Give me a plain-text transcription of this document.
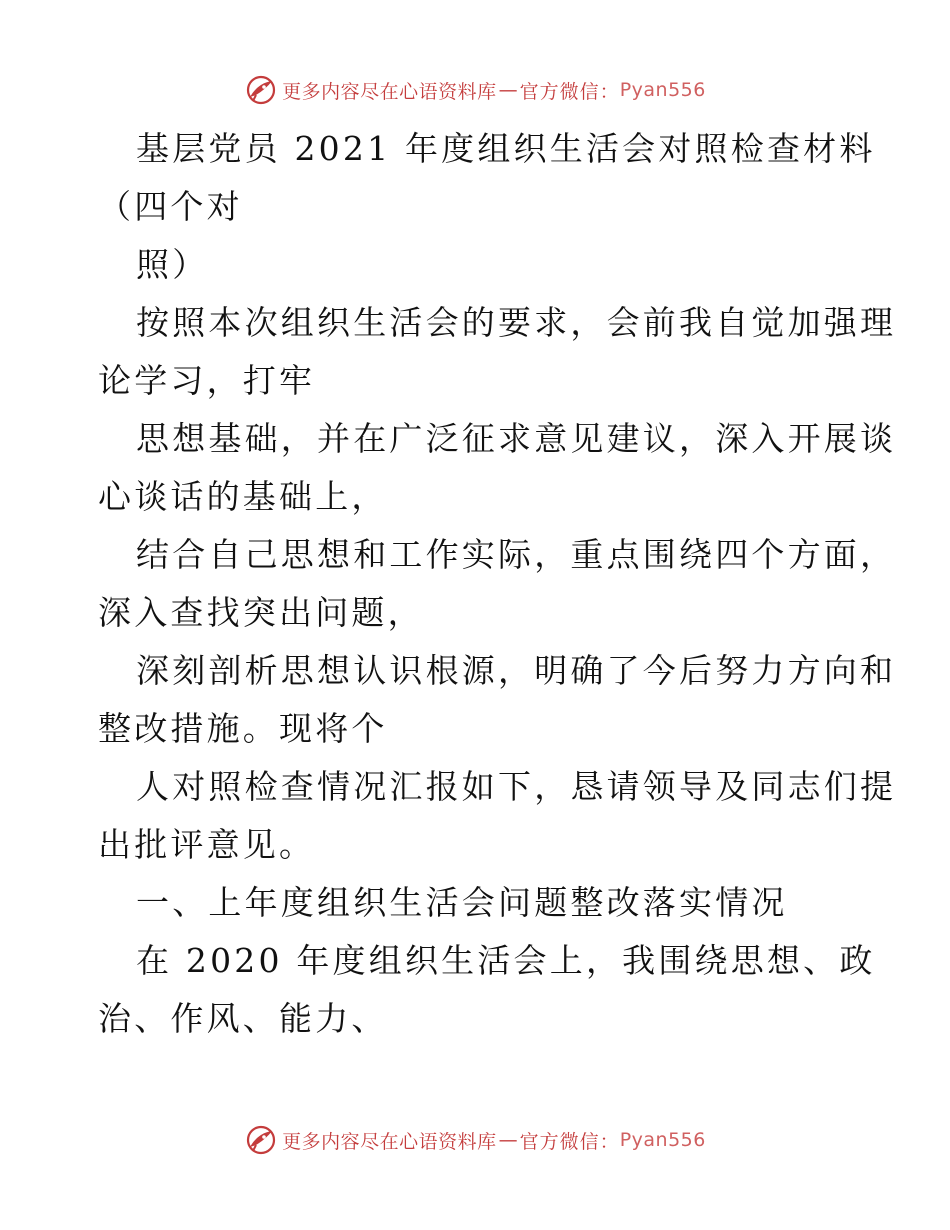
更多内容尽在心语资料库 — 官方微信： Pyan556
基层党员 2021 年度组织生活会对照检查材料
（四个对
照）
按照本次组织生活会的要求，会前我自觉加强理
论学习，打牢
思想基础，并在广泛征求意见建议，深入开展谈
心谈话的基础上，
结合自己思想和工作实际，重点围绕四个方面，
深入查找突出问题，
深刻剖析思想认识根源，明确了今后努力方向和
整改措施。现将个
人对照检查情况汇报如下，恳请领导及同志们提
出批评意见。
一、上年度组织生活会问题整改落实情况
在 2020 年度组织生活会上，我围绕思想、政
治、作风、能力、
更多内容尽在心语资料库 — 官方微信： Pyan556
